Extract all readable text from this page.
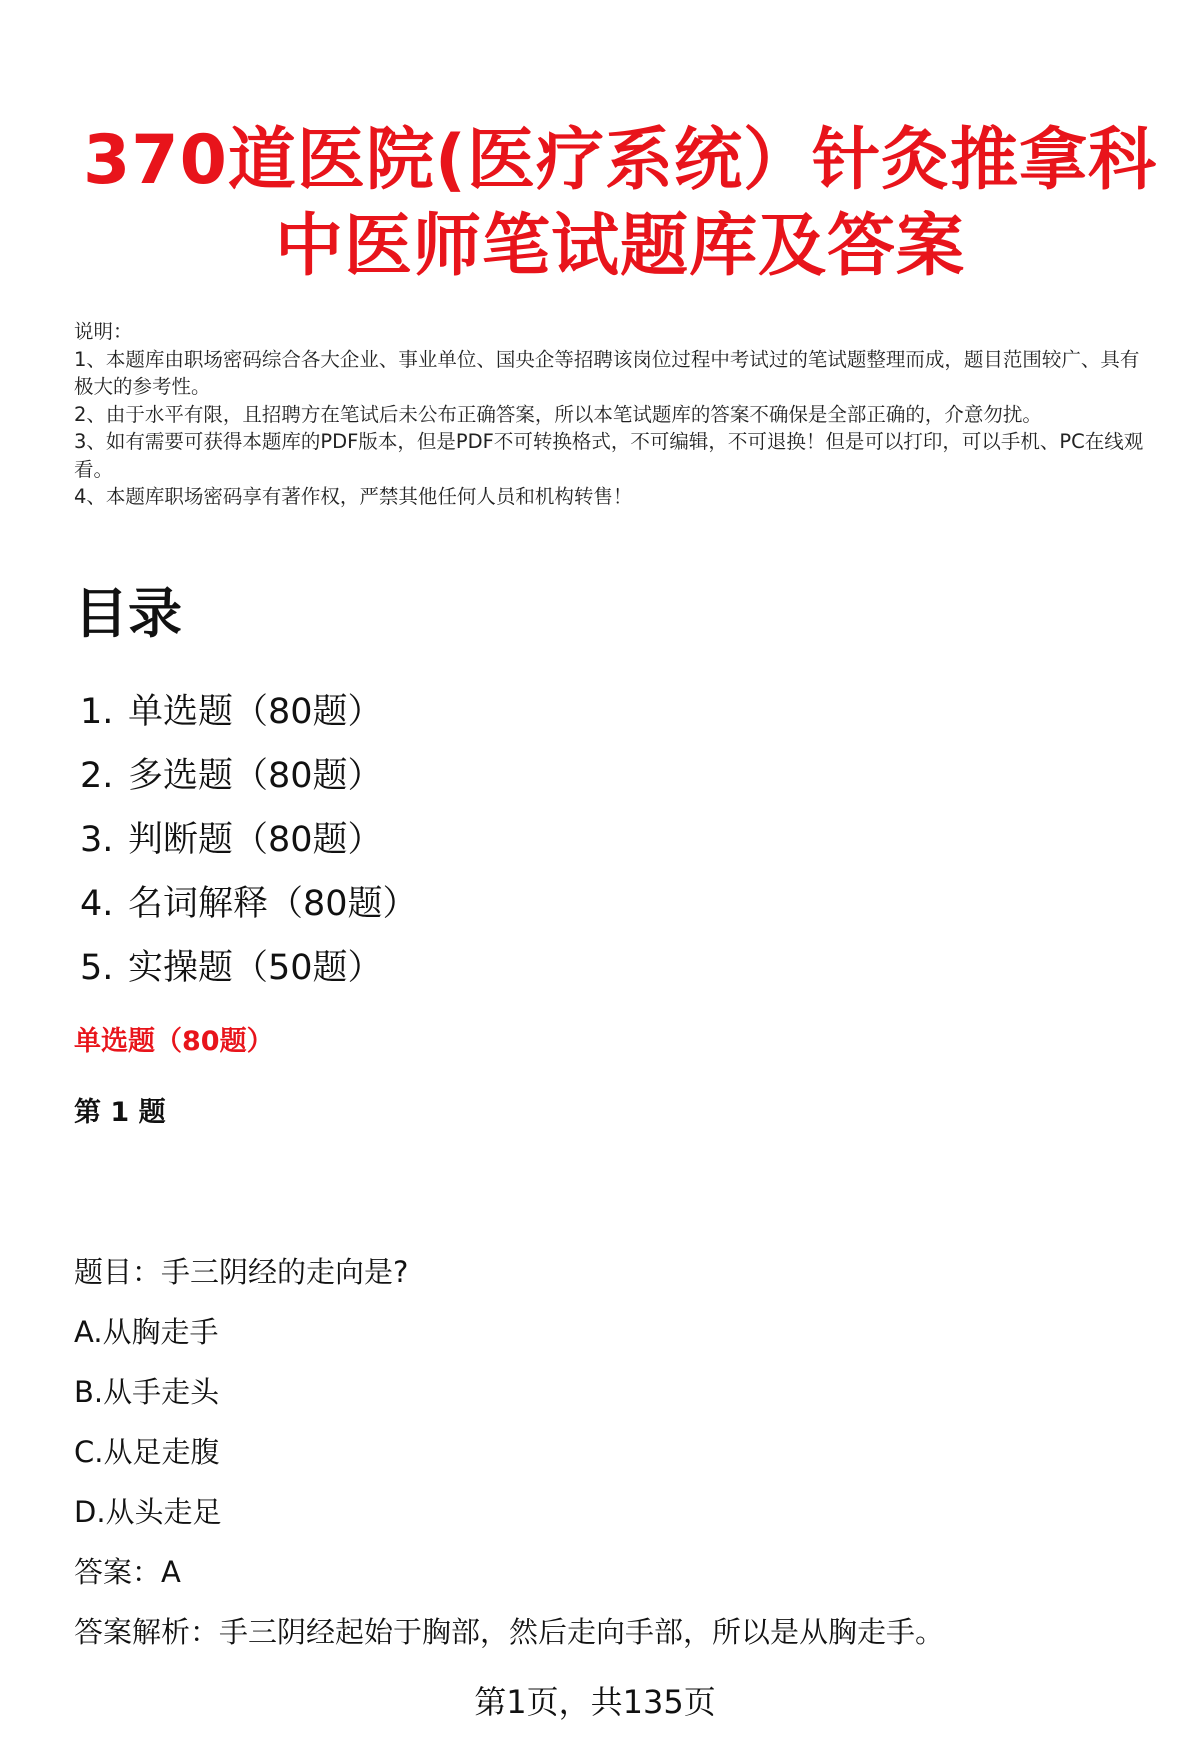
370道医院(医疗系统）针灸推拿科
中医师笔试题库及答案

说明：

1、本题库由职场密码综合各大企业、事业单位、国央企等招聘该岗位过程中考试过的笔试题整理而成，题目范围较广、具有极大的参考性。

2、由于水平有限，且招聘方在笔试后未公布正确答案，所以本笔试题库的答案不确保是全部正确的，介意勿扰。

3、如有需要可获得本题库的PDF版本，但是PDF不可转换格式，不可编辑，不可退换！但是可以打印，可以手机、PC在线观看。

4、本题库职场密码享有著作权，严禁其他任何人员和机构转售！

目录
1. 单选题（80题）
2. 多选题（80题）
3. 判断题（80题）
4. 名词解释（80题）
5. 实操题（50题）
单选题（80题）
第 1 题

题目：手三阴经的走向是?

A.从胸走手

B.从手走头

C.从足走腹

D.从头走足

答案：A

答案解析：手三阴经起始于胸部，然后走向手部，所以是从胸走手。

第1页，共135页
